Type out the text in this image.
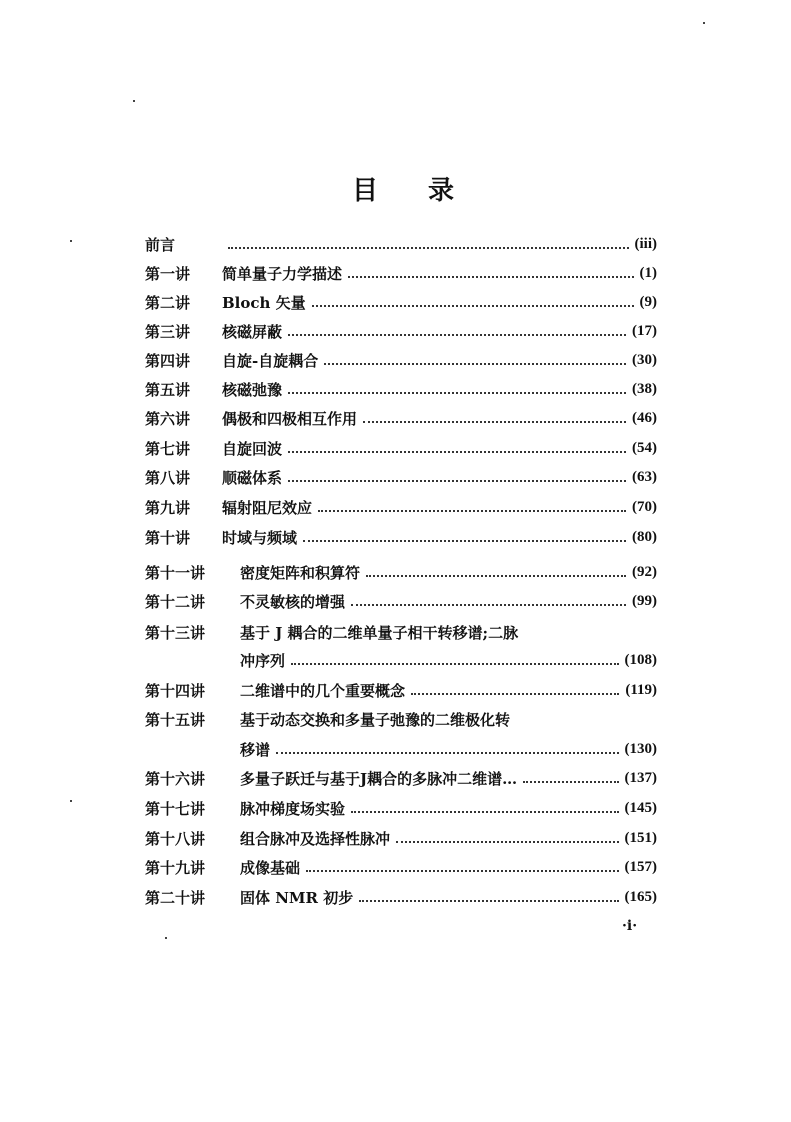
目 录
前言	(iii)
第一讲	简单量子力学描述	(1)
第二讲	Bloch 矢量	(9)
第三讲	核磁屏蔽	(17)
第四讲	自旋-自旋耦合	(30)
第五讲	核磁弛豫	(38)
第六讲	偶极和四极相互作用	(46)
第七讲	自旋回波	(54)
第八讲	顺磁体系	(63)
第九讲	辐射阻尼效应	(70)
第十讲	时域与频域	(80)
第十一讲	密度矩阵和积算符	(92)
第十二讲	不灵敏核的增强	(99)
第十三讲	基于 J 耦合的二维单量子相干转移谱;二脉
冲序列	(108)
第十四讲	二维谱中的几个重要概念	(119)
第十五讲	基于动态交换和多量子弛豫的二维极化转
移谱	(130)
第十六讲	多量子跃迁与基于J耦合的多脉冲二维谱…	(137)
第十七讲	脉冲梯度场实验	(145)
第十八讲	组合脉冲及选择性脉冲	(151)
第十九讲	成像基础	(157)
第二十讲	固体 NMR 初步	(165)
·i·
